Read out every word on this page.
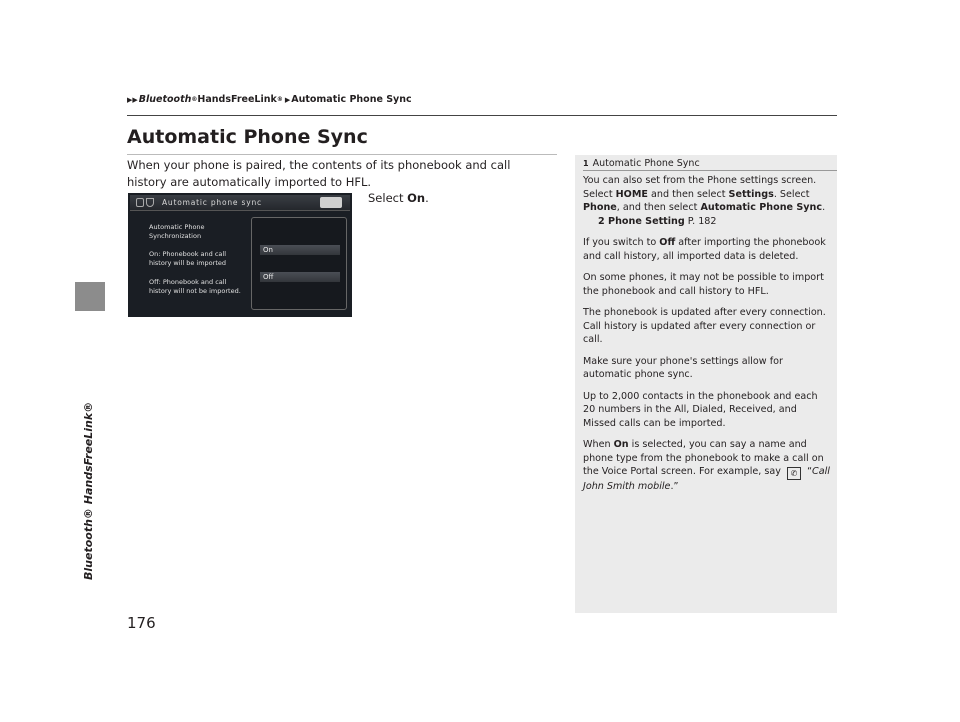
Bluetooth® HandsFreeLink®
▶▶ Bluetooth ® HandsFreeLink ® ▶ Automatic Phone Sync
Automatic Phone Sync
When your phone is paired, the contents of its phonebook and call history are automatically imported to HFL.
Select On.
Automatic phone sync
Automatic Phone
Synchronization
On: Phonebook and call
history will be imported
Off: Phonebook and call
history will not be imported.
On
Off
1 Automatic Phone Sync

You can also set from the Phone settings screen. Select HOME and then select Settings. Select Phone, and then select Automatic Phone Sync.
2 Phone Setting P. 182

If you switch to Off after importing the phonebook and call history, all imported data is deleted.

On some phones, it may not be possible to import the phonebook and call history to HFL.

The phonebook is updated after every connection. Call history is updated after every connection or call.

Make sure your phone's settings allow for automatic phone sync.

Up to 2,000 contacts in the phonebook and each 20 numbers in the All, Dialed, Received, and Missed calls can be imported.

When On is selected, you can say a name and phone type from the phonebook to make a call on the Voice Portal screen. For example, say ✆ “Call John Smith mobile.”

176
